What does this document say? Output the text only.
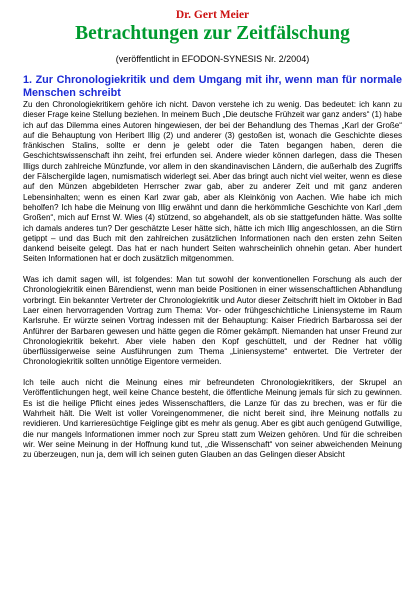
Dr. Gert Meier

Betrachtungen zur Zeitfälschung

(veröffentlicht in EFODON-SYNESIS Nr. 2/2004)

1. Zur Chronologiekritik und dem Umgang mit ihr, wenn man für normale Menschen schreibt

Zu den Chronologiekritikern gehöre ich nicht. Davon verstehe ich zu wenig. Das bedeutet: ich kann zu dieser Frage keine Stellung beziehen. In meinem Buch „Die deutsche Frühzeit war ganz anders“ (1) habe ich auf das Dilemma eines Autoren hingewiesen, der bei der Behandlung des Themas „Karl der Große“ auf die Behauptung von Heribert Illig (2) und anderer (3) gestoßen ist, wonach die Geschichte dieses fränkischen Stalins, sollte er denn je gelebt oder die Taten begangen haben, deren die Geschichtswissenschaft ihn zeiht, frei erfunden sei. Andere wieder können darlegen, dass die Thesen Illigs durch zahlreiche Münzfunde, vor allem in den skandinavischen Ländern, die außerhalb des Zugriffs der Fälschergilde lagen, numismatisch widerlegt sei. Aber das bringt auch nicht viel weiter, wenn es diese auf den Münzen abgebildeten Herrscher zwar gab, aber zu anderer Zeit und mit ganz anderen Lebensinhalten; wenn es einen Karl zwar gab, aber als Kleinkönig von Aachen. Wie habe ich mich beholfen? Ich habe die Meinung von Illig erwähnt und dann die herkömmliche Geschichte von Karl „dem Großen“, mich auf Ernst W. Wies (4) stützend, so abgehandelt, als ob sie stattgefunden hätte. Was sollte ich damals anderes tun? Der geschätzte Leser hätte sich, hätte ich mich Illig angeschlossen, an die Stirn getippt – und das Buch mit den zahlreichen zusätzlichen Informationen nach den ersten zehn Seiten dankend beiseite gelegt. Das hat er nach hundert Seiten wahrscheinlich ohnehin getan. Aber hundert Seiten Informationen hat er doch zusätzlich mitgenommen.

Was ich damit sagen will, ist folgendes: Man tut sowohl der konventionellen Forschung als auch der Chronologiekritik einen Bärendienst, wenn man beide Positionen in einer wissenschaftlichen Abhandlung vorbringt. Ein bekannter Vertreter der Chronologiekritik und Autor dieser Zeitschrift hielt im Oktober in Bad Laer einen hervorragenden Vortrag zum Thema: Vor- oder frühgeschichtliche Liniensysteme im Raum Karlsruhe. Er würzte seinen Vortrag indessen mit der Behauptung: Kaiser Friedrich Barbarossa sei der Anführer der Barbaren gewesen und hätte gegen die Römer gekämpft. Niemanden hat unser Freund zur Chronologiekritik bekehrt. Aber viele haben den Kopf geschüttelt, und der Redner hat völlig überflüssigerweise seine Ausführungen zum Thema „Liniensysteme“ entwertet. Die Vertreter der Chronologiekritik sollten unnötige Eigentore vermeiden.

Ich teile auch nicht die Meinung eines mir befreundeten Chronologiekritikers, der Skrupel an Veröffentlichungen hegt, weil keine Chance besteht, die öffentliche Meinung jemals für sich zu gewinnen. Es ist die heilige Pflicht eines jedes Wissenschaftlers, die Lanze für das zu brechen, was er für die Wahrheit hält. Die Welt ist voller Voreingenommener, die nicht bereit sind, ihre Meinung notfalls zu revidieren. Und karrieresüchtige Feiglinge gibt es mehr als genug. Aber es gibt auch genügend Gutwillige, die nur mangels Informationen immer noch zur Spreu statt zum Weizen gehören. Und für die schreiben wir. Wer seine Meinung in der Hoffnung kund tut, „die Wissenschaft“ von seiner abweichenden Meinung zu überzeugen, nun ja, dem will ich seinen guten Glauben an das Gelingen dieser Absicht
